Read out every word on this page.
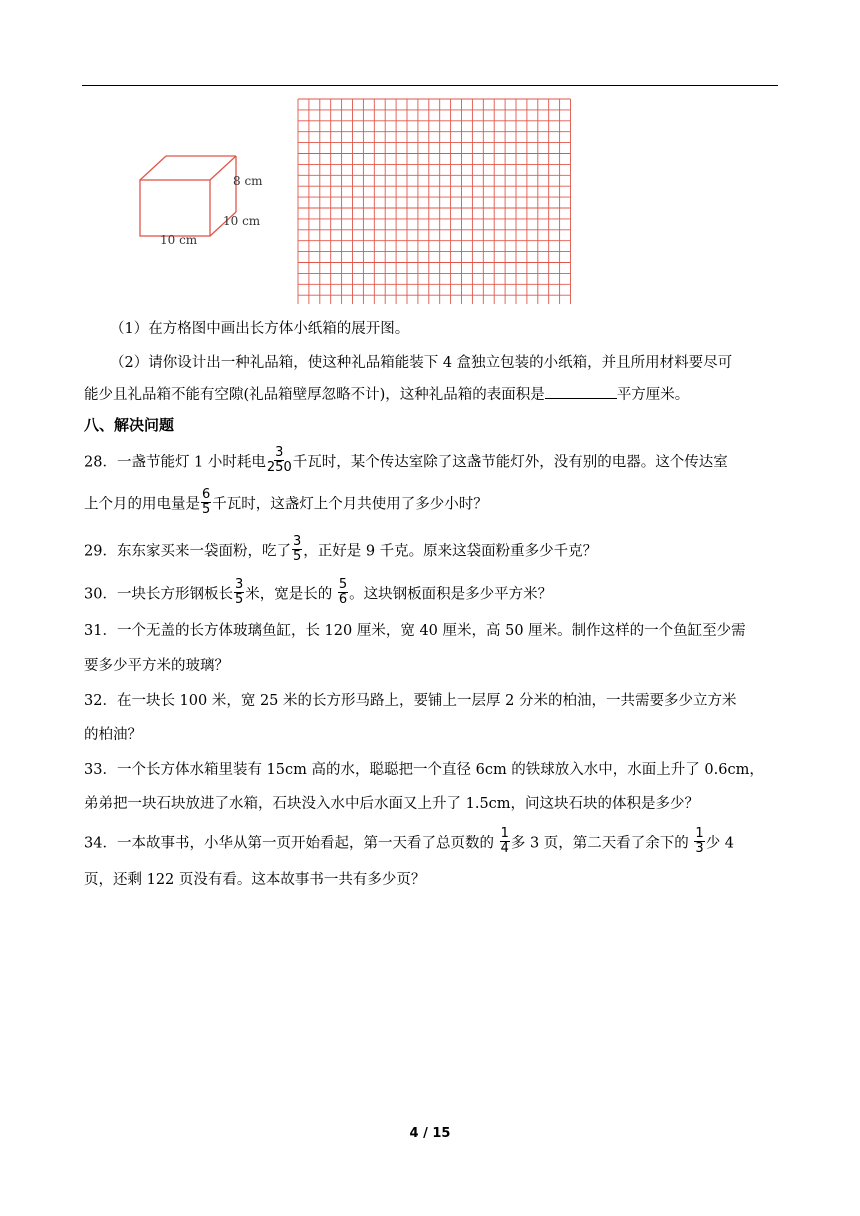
8 cm
10 cm
10 cm
（1）在方格图中画出长方体小纸箱的展开图。
（2）请你设计出一种礼品箱，使这种礼品箱能装下 4 盒独立包装的小纸箱，并且所用材料要尽可
能少且礼品箱不能有空隙(礼品箱壁厚忽略不计)，这种礼品箱的表面积是	平方厘米。
八、解决问题
28．一盏节能灯 1 小时耗电 $\frac{3}{250}$ 千瓦时，某个传达室除了这盏节能灯外，没有别的电器。这个传达室
上个月的用电量是 $\frac{6}{5}$ 千瓦时，这盏灯上个月共使用了多少小时？
29．东东家买来一袋面粉，吃了 $\frac{3}{5}$ ，正好是 9 千克。原来这袋面粉重多少千克？
30．一块长方形钢板长 $\frac{3}{5}$ 米，宽是长的 $\frac{5}{6}$ 。这块钢板面积是多少平方米？
31．一个无盖的长方体玻璃鱼缸，长 120 厘米，宽 40 厘米，高 50 厘米。制作这样的一个鱼缸至少需
要多少平方米的玻璃？
32．在一块长 100 米，宽 25 米的长方形马路上，要铺上一层厚 2 分米的柏油，一共需要多少立方米
的柏油？
33．一个长方体水箱里装有 15cm 高的水，聪聪把一个直径 6cm 的铁球放入水中，水面上升了 0.6cm，
弟弟把一块石块放进了水箱，石块没入水中后水面又上升了 1.5cm，问这块石块的体积是多少？
34．一本故事书，小华从第一页开始看起，第一天看了总页数的 $\frac{1}{4}$ 多 3 页，第二天看了余下的 $\frac{1}{3}$ 少 4
页，还剩 122 页没有看。这本故事书一共有多少页？
4 / 15
